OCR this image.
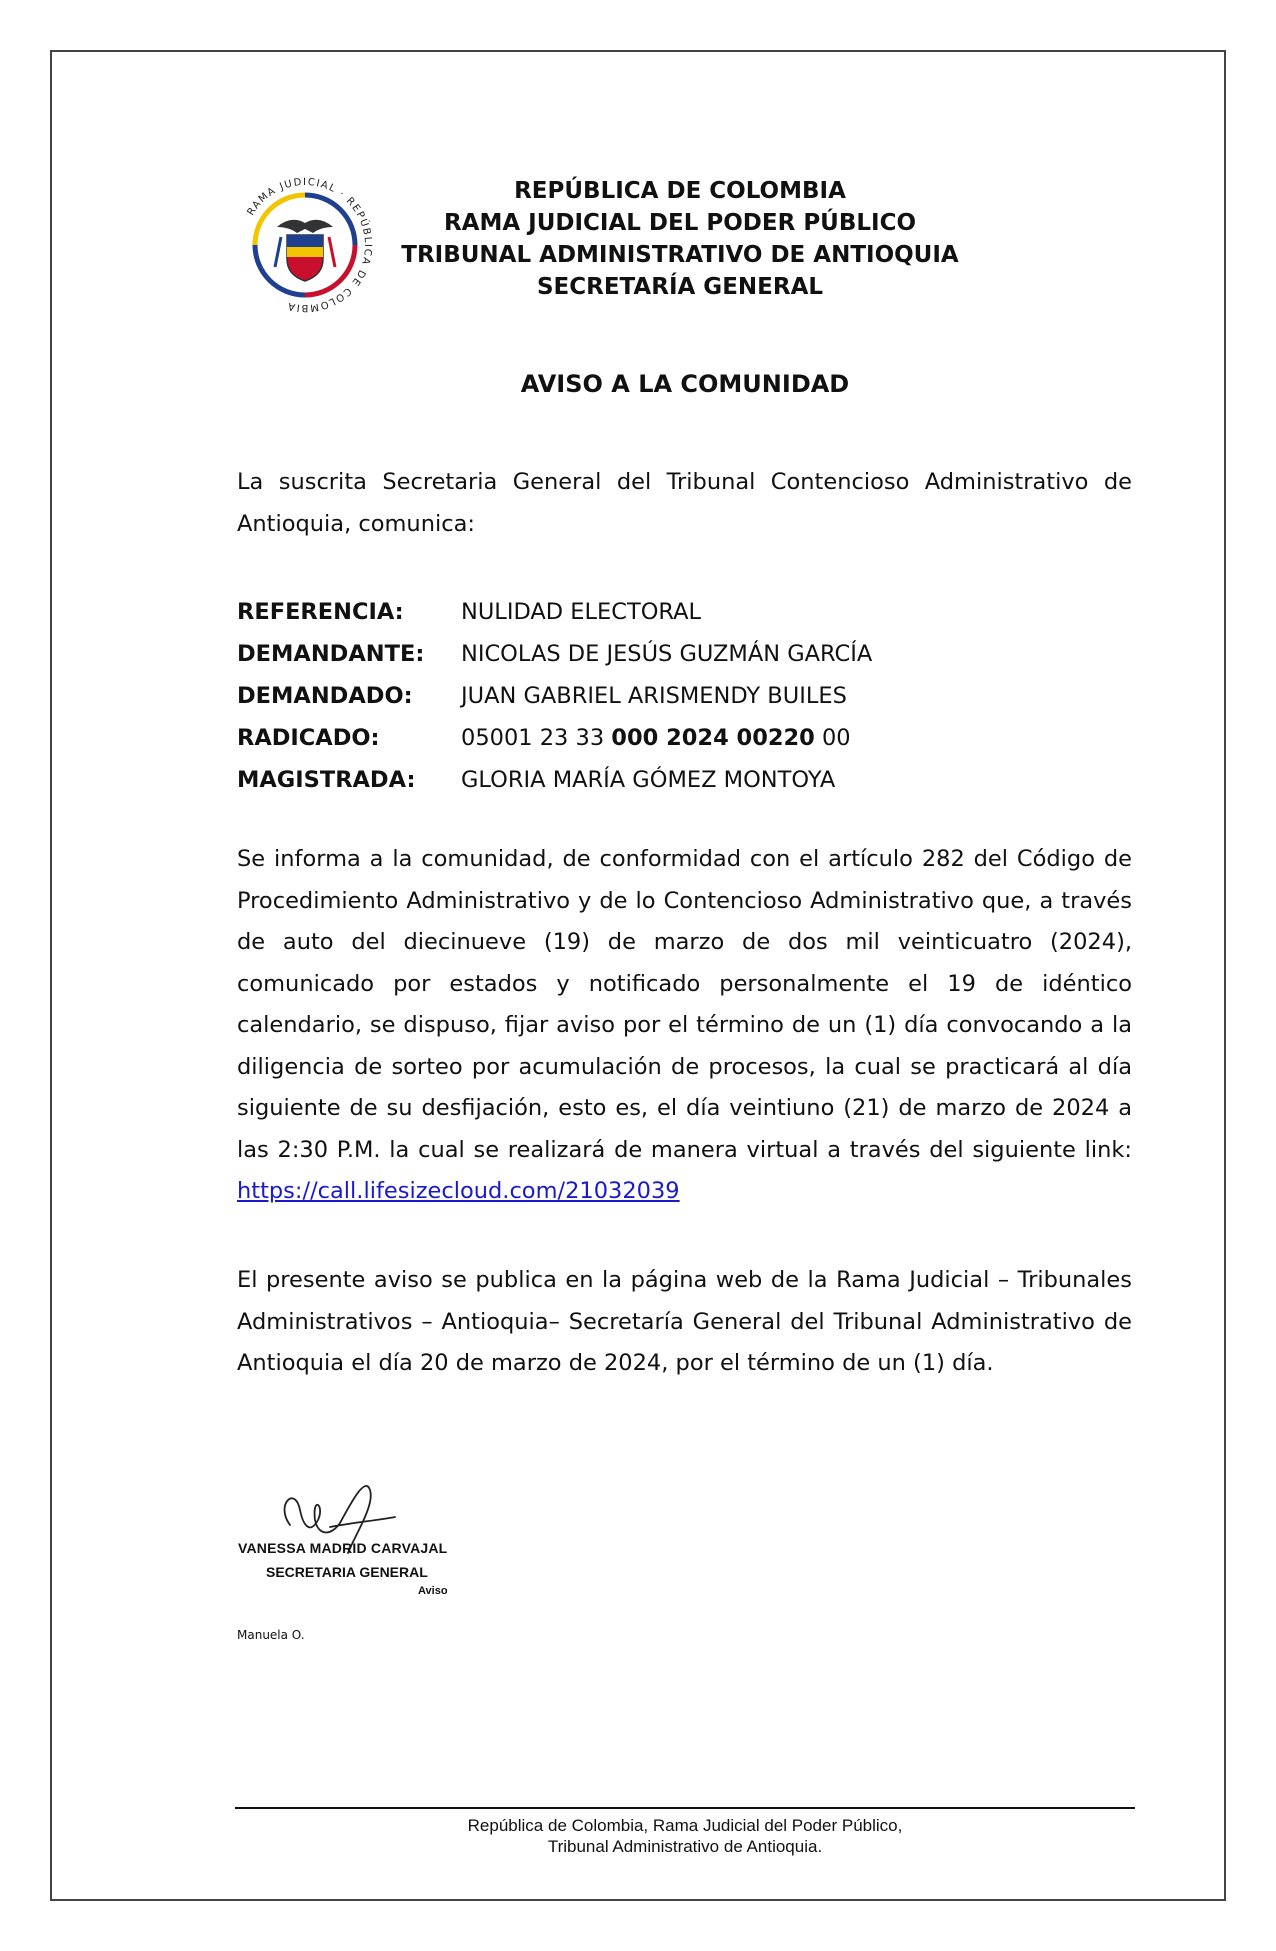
RAMA JUDICIAL · REPÚBLICA DE COLOMBIA
REPÚBLICA DE COLOMBIA
RAMA JUDICIAL DEL PODER PÚBLICO
TRIBUNAL ADMINISTRATIVO DE ANTIOQUIA
SECRETARÍA GENERAL
AVISO A LA COMUNIDAD

La suscrita Secretaria General del Tribunal Contencioso Administrativo de Antioquia, comunica:

REFERENCIA:	NULIDAD ELECTORAL
DEMANDANTE:	NICOLAS DE JESÚS GUZMÁN GARCÍA
DEMANDADO:	JUAN GABRIEL ARISMENDY BUILES
RADICADO:	05001 23 33 000 2024 00220 00
MAGISTRADA:	GLORIA MARÍA GÓMEZ MONTOYA

Se informa a la comunidad, de conformidad con el artículo 282 del Código de Procedimiento Administrativo y de lo Contencioso Administrativo que, a través de auto del diecinueve (19) de marzo de dos mil veinticuatro (2024), comunicado por estados y notificado personalmente el 19 de idéntico calendario, se dispuso, fijar aviso por el término de un (1) día convocando a la diligencia de sorteo por acumulación de procesos, la cual se practicará al día siguiente de su desfijación, esto es, el día veintiuno (21) de marzo de 2024 a las 2:30 P.M. la cual se realizará de manera virtual a través del siguiente link: https://call.lifesizecloud.com/21032039

El presente aviso se publica en la página web de la Rama Judicial – Tribunales Administrativos – Antioquia– Secretaría General del Tribunal Administrativo de Antioquia el día 20 de marzo de 2024, por el término de un (1) día.

VANESSA MADRID CARVAJAL
SECRETARIA GENERAL
Aviso
Manuela O.
República de Colombia, Rama Judicial del Poder Público,
Tribunal Administrativo de Antioquia.
